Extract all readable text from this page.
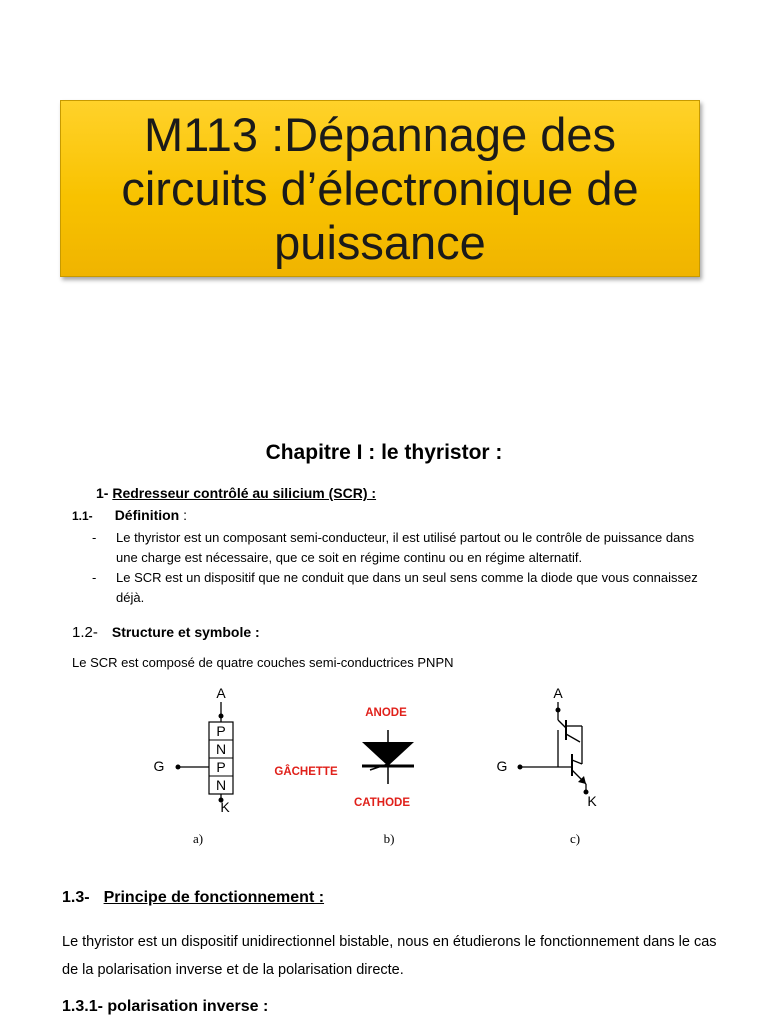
M113 :Dépannage des
circuits d’électronique de
puissance
Chapitre I : le thyristor :
1- Redresseur contrôlé au silicium (SCR) :
1.1- Définition :
- Le thyristor est un composant semi-conducteur, il est utilisé partout ou le contrôle de puissance dans une charge est nécessaire, que ce soit en régime continu ou en régime alternatif.
- Le SCR est un dispositif que ne conduit que dans un seul sens comme la diode que vous connaissez déjà.
1.2- Structure et symbole :
Le SCR est composé de quatre couches semi-conductrices PNPN
A
P
N
P
N
G
K
a)
ANODE
GÂCHETTE
CATHODE
b)
A
K
G
c)
1.3- Principe de fonctionnement :

Le thyristor est un dispositif unidirectionnel bistable, nous en étudierons le fonctionnement dans le cas de la polarisation inverse et de la polarisation directe.

1.3.1- polarisation inverse :
